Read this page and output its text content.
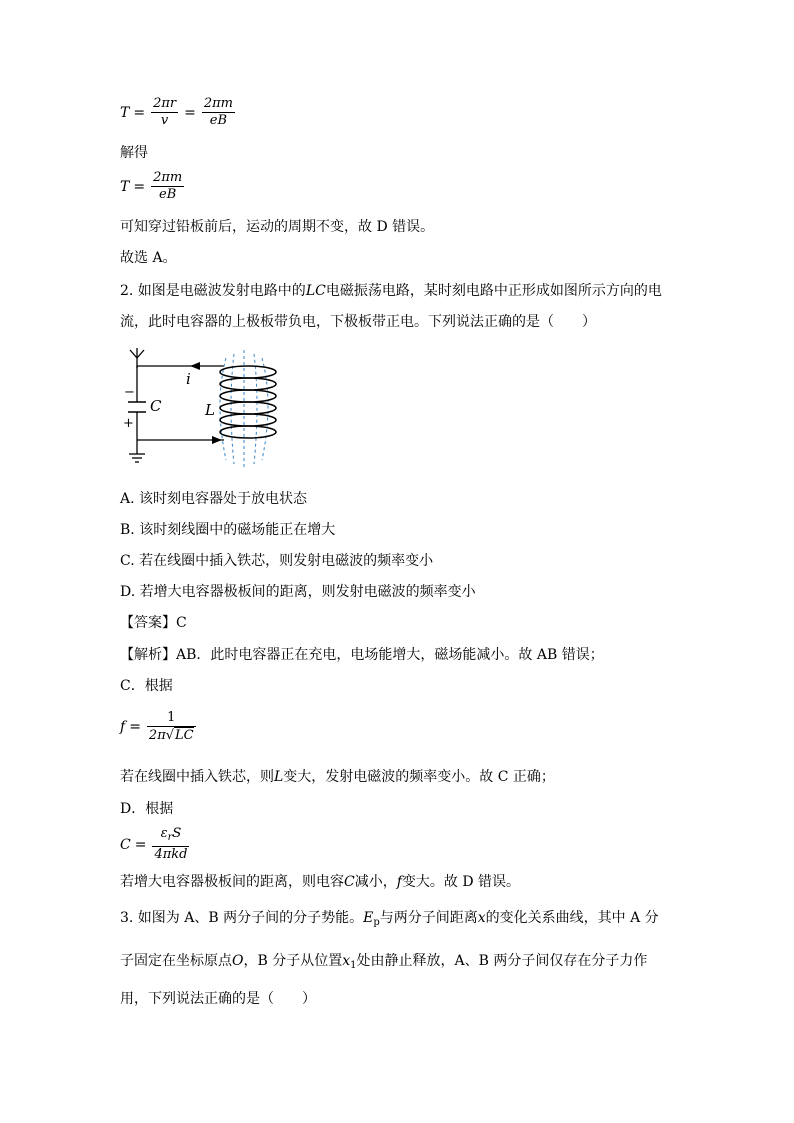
$T = \frac{2\pi r}{v} = \frac{2\pi m}{eB}$
解得
$T = \frac{2\pi m}{eB}$
可知穿过铅板前后，运动的周期不变，故 D 错误。
故选 A。
2. 如图是电磁波发射电路中的LC电磁振荡电路，某时刻电路中正形成如图所示方向的电
流，此时电容器的上极板带负电，下极板带正电。下列说法正确的是（　　）
i
C	L
−
+
A. 该时刻电容器处于放电状态
B. 该时刻线圈中的磁场能正在增大
C. 若在线圈中插入铁芯，则发射电磁波的频率变小
D. 若增大电容器极板间的距离，则发射电磁波的频率变小
【答案】C
【解析】AB．此时电容器正在充电，电场能增大，磁场能减小。故 AB 错误；
C．根据
$f = \frac{1}{2\pi√LC}$
若在线圈中插入铁芯，则L变大，发射电磁波的频率变小。故 C 正确；
D．根据
$C = \frac{\varepsilon_rS}{\text{4πkd}}$
若增大电容器极板间的距离，则电容C减小，f变大。故 D 错误。
3. 如图为 A、B 两分子间的分子势能。$E_p$与两分子间距离x的变化关系曲线，其中 A 分
子固定在坐标原点O，B 分子从位置$x_1$处由静止释放，A、B 两分子间仅存在分子力作
用，下列说法正确的是（　　）
